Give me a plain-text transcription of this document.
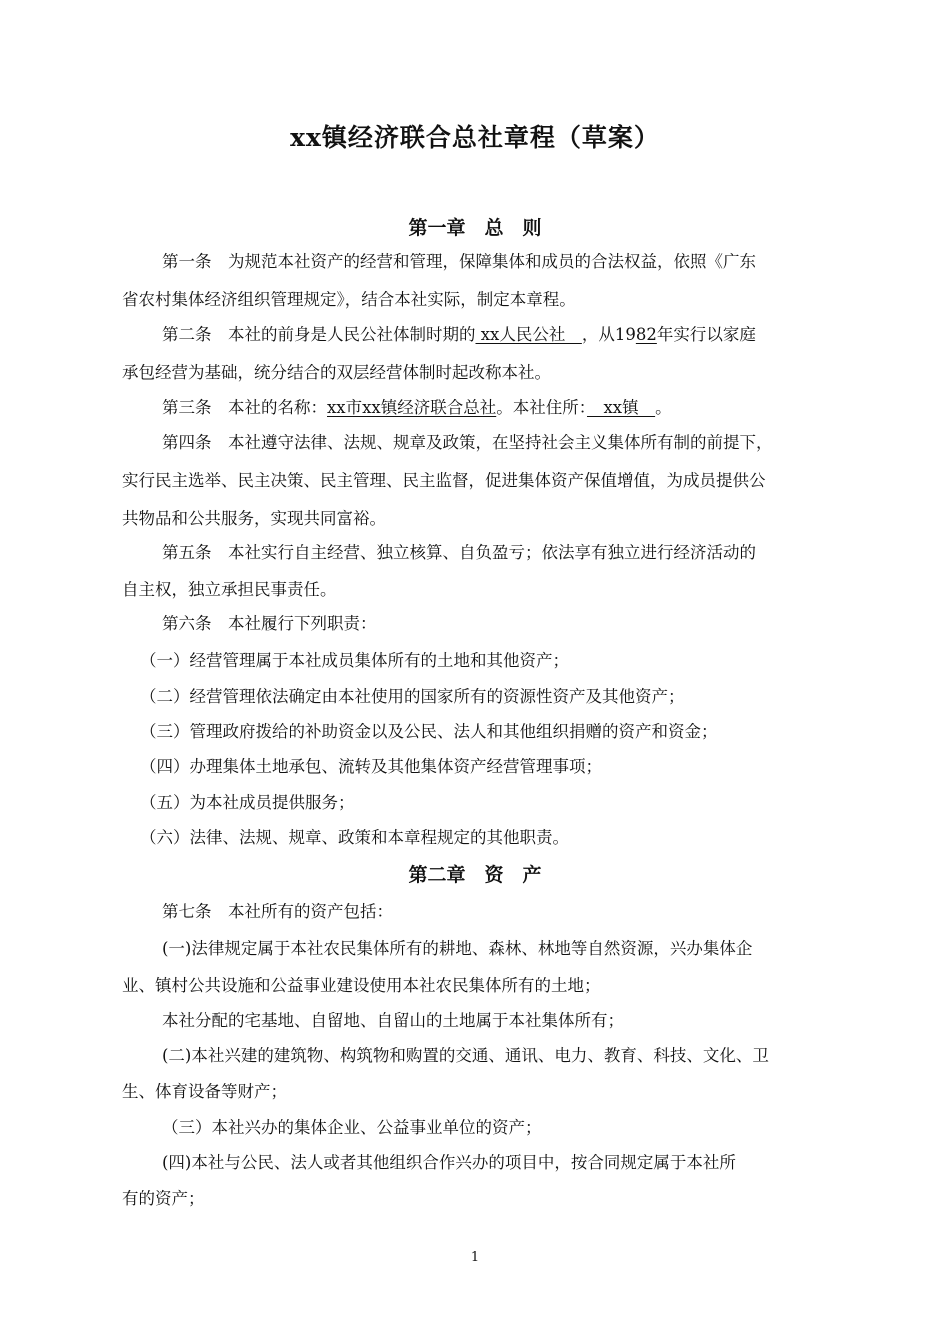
xx镇经济联合总社章程（草案）
第一章　总　则
第一条　为规范本社资产的经营和管理，保障集体和成员的合法权益，依照《广东
省农村集体经济组织管理规定》，结合本社实际，制定本章程。
第二条　本社的前身是人民公社体制时期的 xx人民公社　，从1982年实行以家庭
承包经营为基础，统分结合的双层经营体制时起改称本社。
第三条　本社的名称：xx市xx镇经济联合总社。本社住所：　xx镇　。
第四条　本社遵守法律、法规、规章及政策，在坚持社会主义集体所有制的前提下，
实行民主选举、民主决策、民主管理、民主监督，促进集体资产保值增值，为成员提供公
共物品和公共服务，实现共同富裕。
第五条　本社实行自主经营、独立核算、自负盈亏；依法享有独立进行经济活动的
自主权，独立承担民事责任。
第六条　本社履行下列职责：
（一）经营管理属于本社成员集体所有的土地和其他资产；
（二）经营管理依法确定由本社使用的国家所有的资源性资产及其他资产；
（三）管理政府拨给的补助资金以及公民、法人和其他组织捐赠的资产和资金；
（四）办理集体土地承包、流转及其他集体资产经营管理事项；
（五）为本社成员提供服务；
（六）法律、法规、规章、政策和本章程规定的其他职责。
第二章　资　产
第七条　本社所有的资产包括：
(一)法律规定属于本社农民集体所有的耕地、森林、林地等自然资源，兴办集体企
业、镇村公共设施和公益事业建设使用本社农民集体所有的土地；
本社分配的宅基地、自留地、自留山的土地属于本社集体所有；
(二)本社兴建的建筑物、构筑物和购置的交通、通讯、电力、教育、科技、文化、卫
生、体育设备等财产；
（三）本社兴办的集体企业、公益事业单位的资产；
(四)本社与公民、法人或者其他组织合作兴办的项目中，按合同规定属于本社所
有的资产；
1
